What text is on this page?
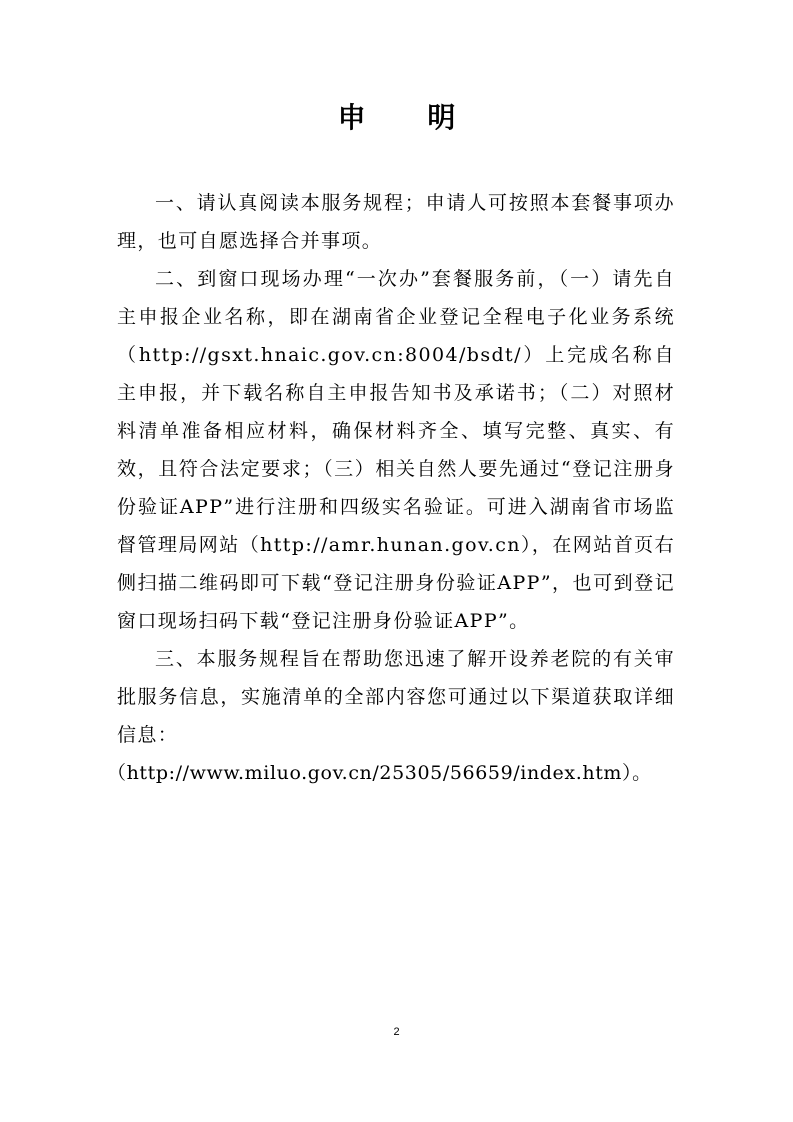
申 明

一、请认真阅读本服务规程；申请人可按照本套餐事项办理，也可自愿选择合并事项。

二、到窗口现场办理“一次办”套餐服务前，（一）请先自主申报企业名称，即在湖南省企业登记全程电子化业务系统（http://gsxt.hnaic.gov.cn:8004/bsdt/）上完成名称自主申报，并下载名称自主申报告知书及承诺书；（二）对照材料清单准备相应材料，确保材料齐全、填写完整、真实、有效，且符合法定要求；（三）相关自然人要先通过“登记注册身份验证APP”进行注册和四级实名验证。可进入湖南省市场监督管理局网站（http://amr.hunan.gov.cn），在网站首页右侧扫描二维码即可下载“登记注册身份验证APP”，也可到登记窗口现场扫码下载“登记注册身份验证APP”。

三、本服务规程旨在帮助您迅速了解开设养老院的有关审批服务信息，实施清单的全部内容您可通过以下渠道获取详细信息：

（http://www.miluo.gov.cn/25305/56659/index.htm）。

2
